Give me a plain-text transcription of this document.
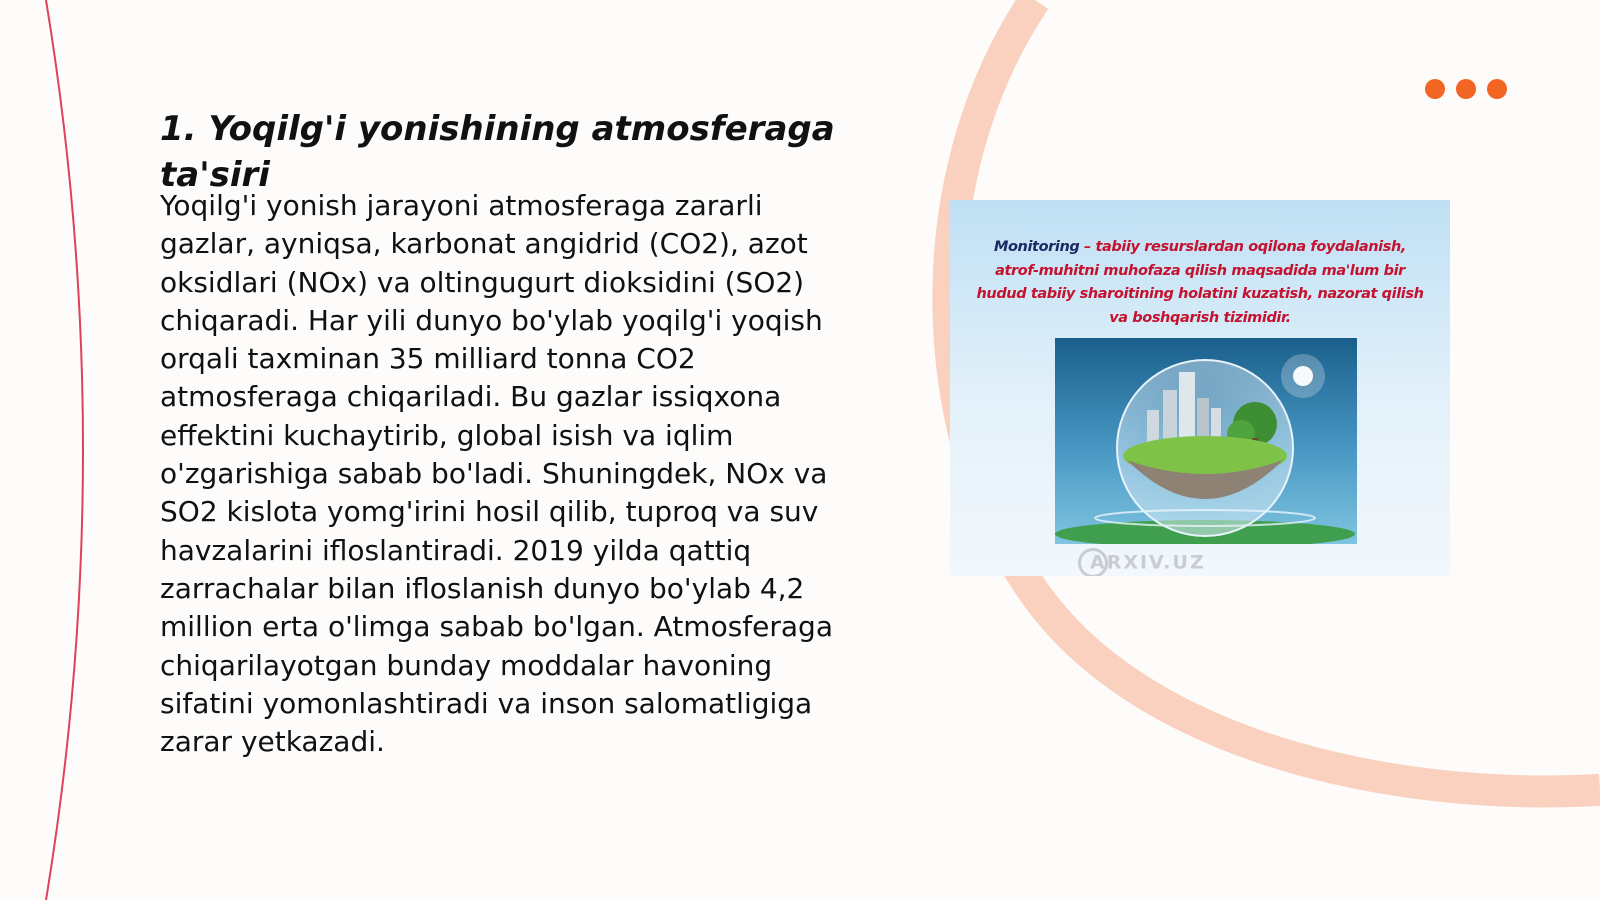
1. Yoqilg'i yonishining atmosferaga ta'siri

Yoqilg'i yonish jarayoni atmosferaga zararli gazlar, ayniqsa, karbonat angidrid (CO2), azot oksidlari (NOx) va oltingugurt dioksidini (SO2) chiqaradi. Har yili dunyo bo'ylab yoqilg'i yoqish orqali taxminan 35 milliard tonna CO2 atmosferaga chiqariladi. Bu gazlar issiqxona effektini kuchaytirib, global isish va iqlim o'zgarishiga sabab bo'ladi. Shuningdek, NOx va SO2 kislota yomg'irini hosil qilib, tuproq va suv havzalarini ifloslantiradi. 2019 yilda qattiq zarrachalar bilan ifloslanish dunyo bo'ylab 4,2 million erta o'limga sabab bo'lgan. Atmosferaga chiqarilayotgan bunday moddalar havoning sifatini yomonlashtiradi va inson salomatligiga zarar yetkazadi.

Monitoring – tabiiy resurslardan oqilona foydalanish, atrof-muhitni muhofaza qilish maqsadida ma'lum bir hudud tabiiy sharoitining holatini kuzatish, nazorat qilish va boshqarish tizimidir.
ARXIV.UZ
